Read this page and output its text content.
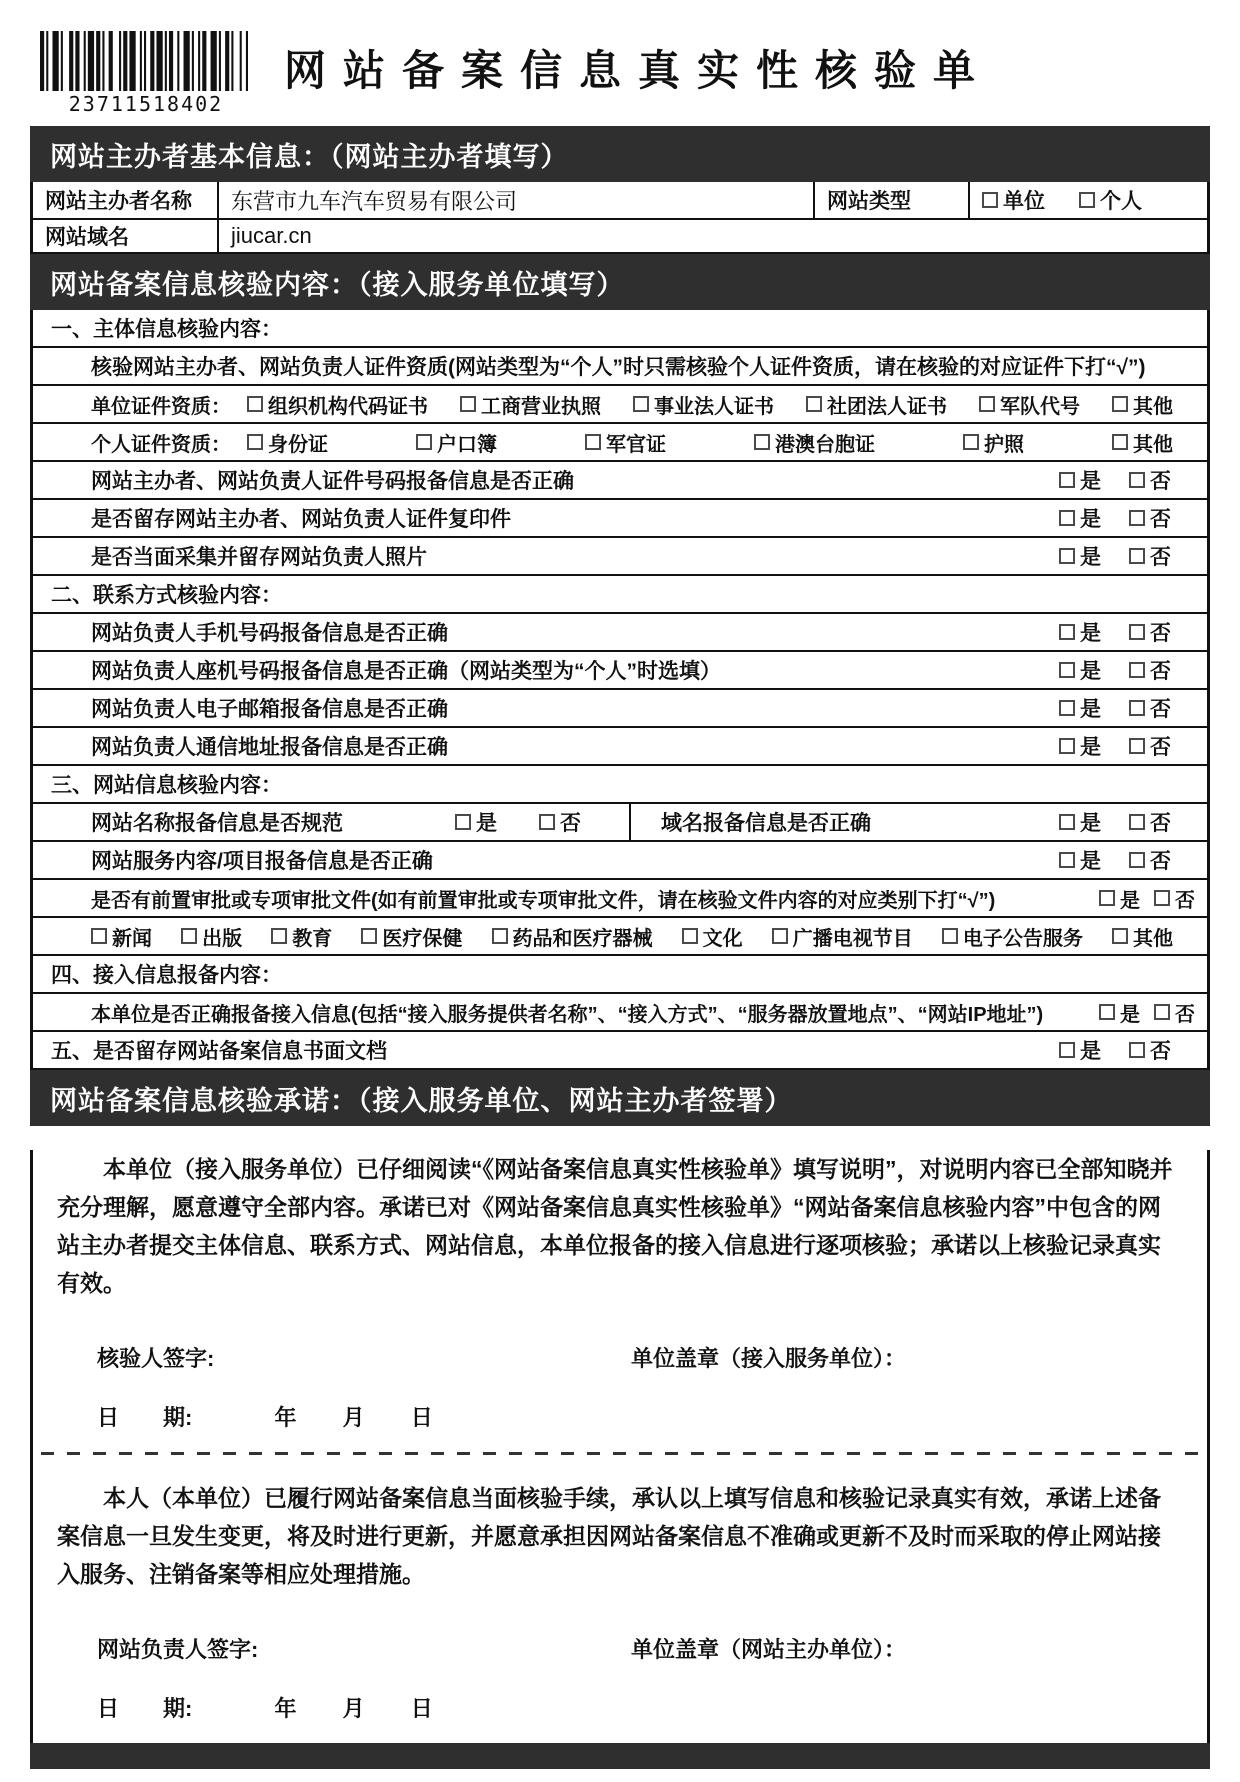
23711518402
网站备案信息真实性核验单
网站主办者基本信息：（网站主办者填写）
网站主办者名称	东营市九车汽车贸易有限公司	网站类型	单位	个人
网站域名	jiucar.cn
网站备案信息核验内容：（接入服务单位填写）
一、主体信息核验内容：
核验网站主办者、网站负责人证件资质(网站类型为“个人”时只需核验个人证件资质，请在核验的对应证件下打“√”)
单位证件资质： 组织机构代码证书	工商营业执照	事业法人证书	社团法人证书	军队代号	其他
个人证件资质： 身份证	户口簿	军官证	港澳台胞证	护照	其他
网站主办者、网站负责人证件号码报备信息是否正确	是 否
是否留存网站主办者、网站负责人证件复印件	是 否
是否当面采集并留存网站负责人照片	是 否
二、联系方式核验内容：
网站负责人手机号码报备信息是否正确	是 否
网站负责人座机号码报备信息是否正确（网站类型为“个人”时选填）	是 否
网站负责人电子邮箱报备信息是否正确	是 否
网站负责人通信地址报备信息是否正确	是 否
三、网站信息核验内容：
网站名称报备信息是否规范	是	否	域名报备信息是否正确	是 否
网站服务内容/项目报备信息是否正确	是 否
是否有前置审批或专项审批文件(如有前置审批或专项审批文件，请在核验文件内容的对应类别下打“√”)	是 否
新闻	出版	教育	医疗保健	药品和医疗器械	文化	广播电视节目	电子公告服务	其他
四、接入信息报备内容：
本单位是否正确报备接入信息(包括“接入服务提供者名称”、“接入方式”、“服务器放置地点”、“网站IP地址”)	是 否
五、是否留存网站备案信息书面文档	是 否
网站备案信息核验承诺：（接入服务单位、网站主办者签署）
本单位（接入服务单位）已仔细阅读“《网站备案信息真实性核验单》填写说明”，对说明内容已全部知晓并充分理解，愿意遵守全部内容。承诺已对《网站备案信息真实性核验单》“网站备案信息核验内容”中包含的网站主办者提交主体信息、联系方式、网站信息，本单位报备的接入信息进行逐项核验；承诺以上核验记录真实有效。
核验人签字:	单位盖章（接入服务单位）：
日　　期:	年 月 日
本人（本单位）已履行网站备案信息当面核验手续，承认以上填写信息和核验记录真实有效，承诺上述备案信息一旦发生变更，将及时进行更新，并愿意承担因网站备案信息不准确或更新不及时而采取的停止网站接入服务、注销备案等相应处理措施。
网站负责人签字:	单位盖章（网站主办单位）：
日　　期:	年 月 日
